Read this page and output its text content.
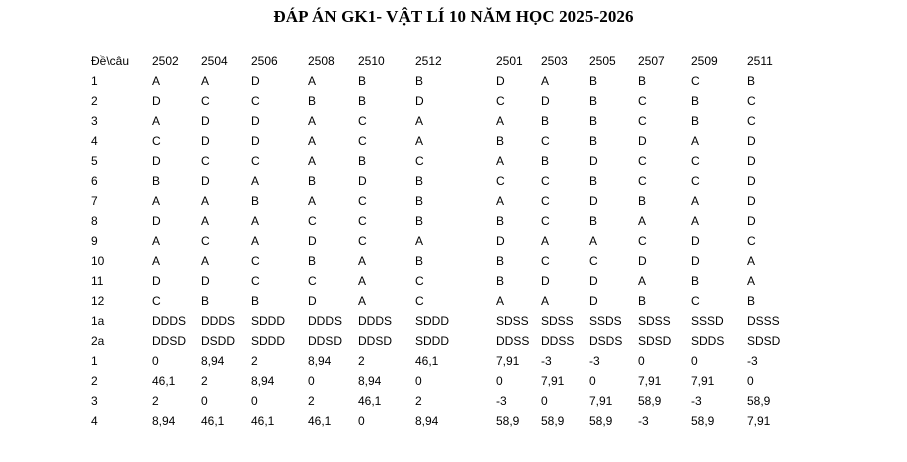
ĐÁP ÁN GK1- VẬT LÍ 10 NĂM HỌC 2025-2026
Đề\câu	2502	2504	2506	2508	2510	2512	2501	2503	2505	2507	2509	2511
1	A	A	D	A	B	B	D	A	B	B	C	B
2	D	C	C	B	B	D	C	D	B	C	B	C
3	A	D	D	A	C	A	A	B	B	C	B	C
4	C	D	D	A	C	A	B	C	B	D	A	D
5	D	C	C	A	B	C	A	B	D	C	C	D
6	B	D	A	B	D	B	C	C	B	C	C	D
7	A	A	B	A	C	B	A	C	D	B	A	D
8	D	A	A	C	C	B	B	C	B	A	A	D
9	A	C	A	D	C	A	D	A	A	C	D	C
10	A	A	C	B	A	B	B	C	C	D	D	A
11	D	D	C	C	A	C	B	D	D	A	B	A
12	C	B	B	D	A	C	A	A	D	B	C	B
1a	DDDS	DDDS	SDDD	DDDS	DDDS	SDDD	SDSS	SDSS	SSDS	SDSS	SSSD	DSSS
2a	DDSD	DSDD	SDDD	DDSD	DDSD	SDDD	DDSS	DDSS	DSDS	SDSD	SDDS	SDSD
1	0	8,94	2	8,94	2	46,1	7,91	-3	-3	0	0	-3
2	46,1	2	8,94	0	8,94	0	0	7,91	0	7,91	7,91	0
3	2	0	0	2	46,1	2	-3	0	7,91	58,9	-3	58,9
4	8,94	46,1	46,1	46,1	0	8,94	58,9	58,9	58,9	-3	58,9	7,91
